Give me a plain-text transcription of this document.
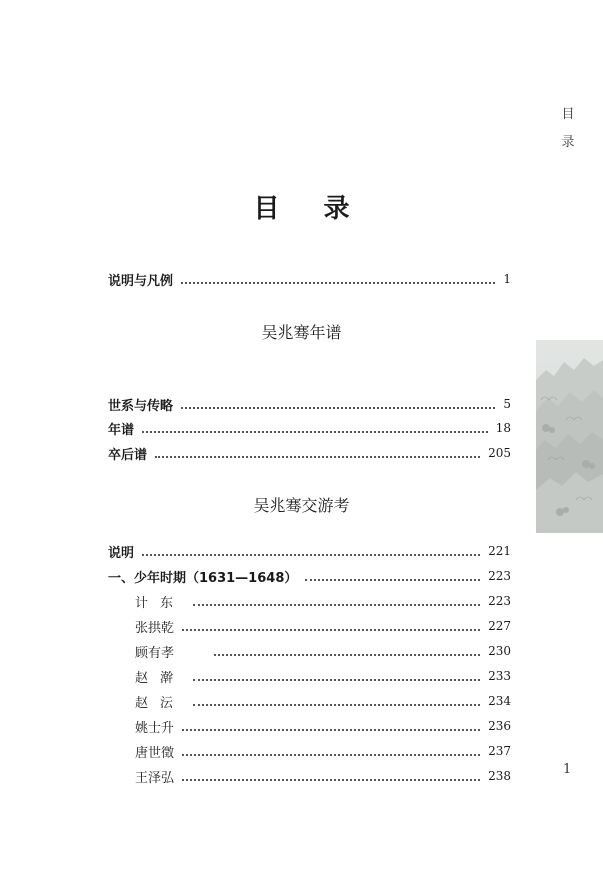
目
录
1
目录
说明与凡例	1
吴兆骞年谱
世系与传略	5
年谱	18
卒后谱	205
吴兆骞交游考
说明	221
一、少年时期（1631—1648）	223
计东	223
张拱乾	227
顾有孝	230
赵澣	233
赵沄	234
姚士升	236
唐世徵	237
王泽弘	238
